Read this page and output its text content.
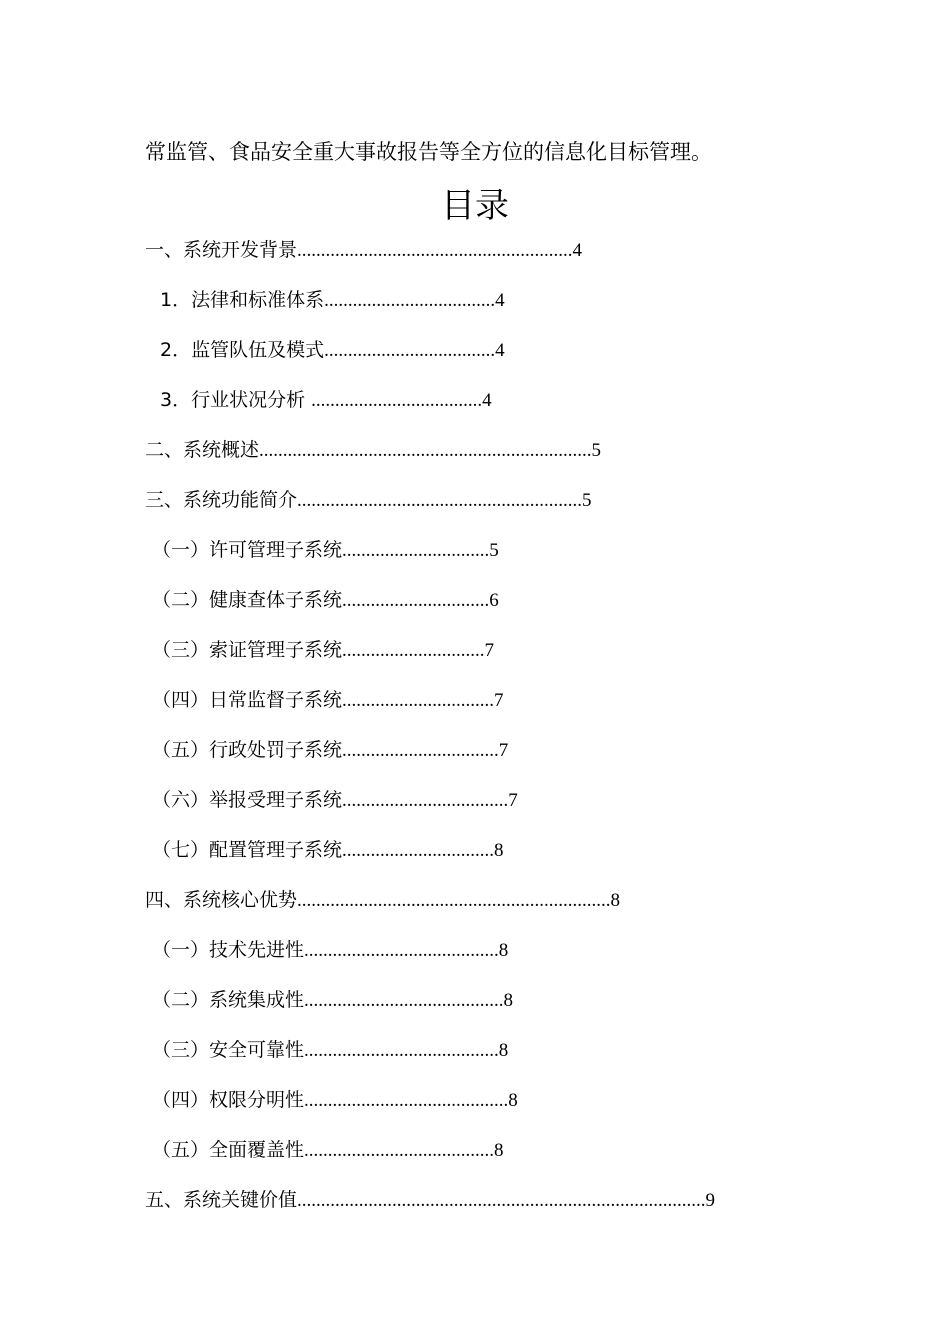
常监管、食品安全重大事故报告等全方位的信息化目标管理。
目录
一、系统开发背景..........................................................4
1．法律和标准体系....................................4
2．监管队伍及模式....................................4
3．行业状况分析 ....................................4
二、系统概述......................................................................5
三、系统功能简介............................................................5
（一）许可管理子系统...............................5
（二）健康查体子系统...............................6
（三）索证管理子系统..............................7
（四）日常监督子系统................................7
（五）行政处罚子系统.................................7
（六）举报受理子系统...................................7
（七）配置管理子系统................................8
四、系统核心优势..................................................................8
（一）技术先进性.........................................8
（二）系统集成性..........................................8
（三）安全可靠性.........................................8
（四）权限分明性...........................................8
（五）全面覆盖性........................................8
五、系统关键价值......................................................................................9
